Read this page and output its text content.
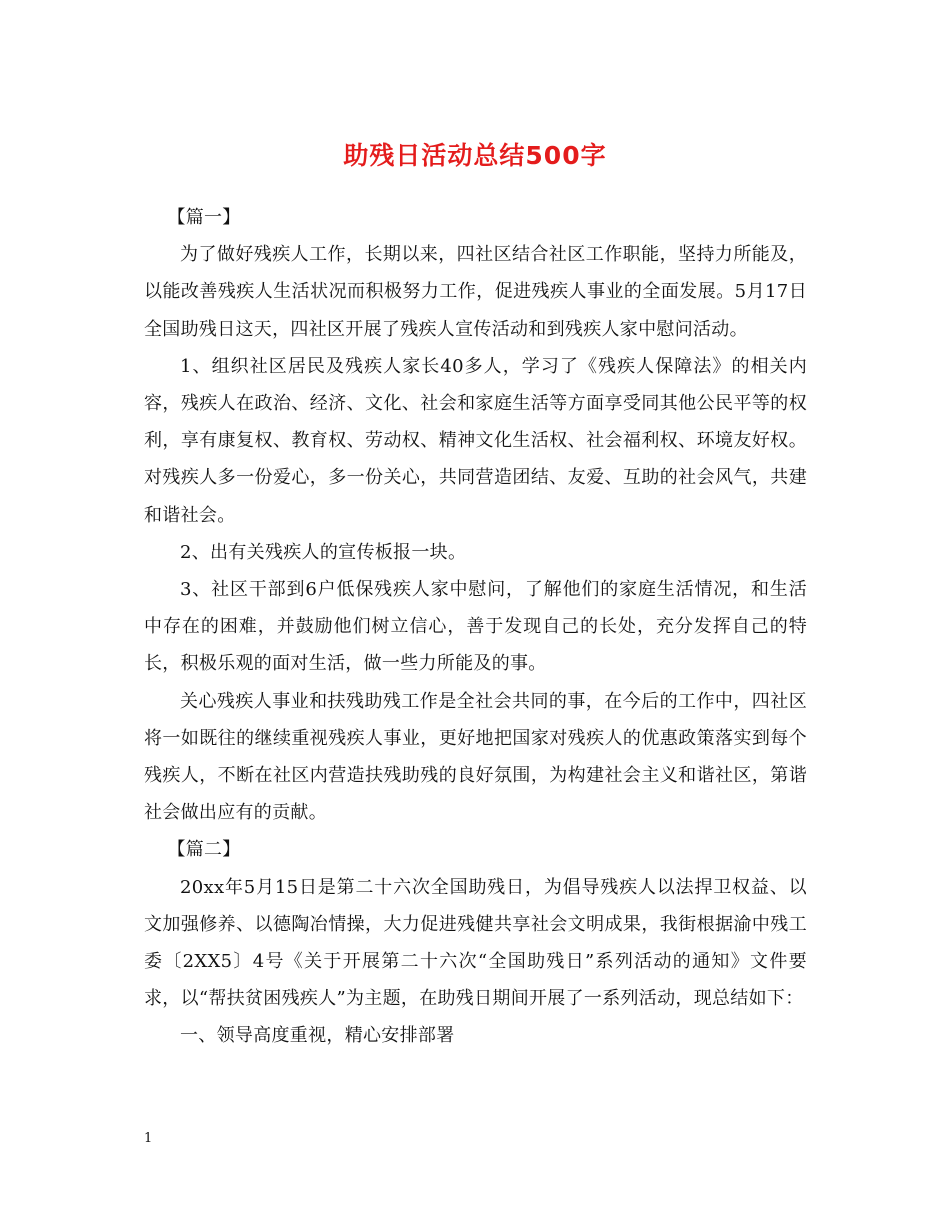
助残日活动总结500字

【篇一】

为了做好残疾人工作，长期以来，四社区结合社区工作职能，坚持力所能及，以能改善残疾人生活状况而积极努力工作，促进残疾人事业的全面发展。5月17日全国助残日这天，四社区开展了残疾人宣传活动和到残疾人家中慰问活动。

1、组织社区居民及残疾人家长40多人，学习了《残疾人保障法》的相关内容，残疾人在政治、经济、文化、社会和家庭生活等方面享受同其他公民平等的权利，享有康复权、教育权、劳动权、精神文化生活权、社会福利权、环境友好权。对残疾人多一份爱心，多一份关心，共同营造团结、友爱、互助的社会风气，共建和谐社会。

2、出有关残疾人的宣传板报一块。

3、社区干部到6户低保残疾人家中慰问，了解他们的家庭生活情况，和生活中存在的困难，并鼓励他们树立信心，善于发现自己的长处，充分发挥自己的特长，积极乐观的面对生活，做一些力所能及的事。

关心残疾人事业和扶残助残工作是全社会共同的事，在今后的工作中，四社区将一如既往的继续重视残疾人事业，更好地把国家对残疾人的优惠政策落实到每个残疾人，不断在社区内营造扶残助残的良好氛围，为构建社会主义和谐社区，第谐社会做出应有的贡献。

【篇二】

20xx年5月15日是第二十六次全国助残日，为倡导残疾人以法捍卫权益、以文加强修养、以德陶冶情操，大力促进残健共享社会文明成果，我街根据渝中残工委〔2XX5〕4号《关于开展第二十六次“全国助残日”系列活动的通知》文件要求，以“帮扶贫困残疾人”为主题，在助残日期间开展了一系列活动，现总结如下：

一、领导高度重视，精心安排部署

1
